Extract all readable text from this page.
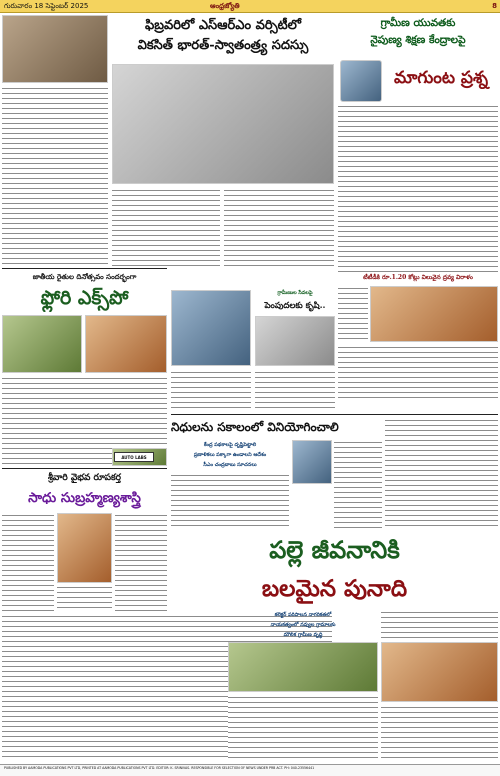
గురువారం 18 సెప్టెంబర్ 2025	ఆంధ్రజ్యోతి	8
ఫిబ్రవరిలో ఎస్ఆర్ఎం వర్సిటీలో
వికసిత్ భారత్-స్వాతంత్ర్య సదస్సు
గ్రామీణ యువతకు
నైపుణ్య శిక్షణ కేంద్రాలపై
మాగుంట ప్రశ్న
టీటీడీకి రూ.1.20 కోట్లు విలువైన ద్రవ్య విరాళం
జాతీయ రైతుల దినోత్సవం సందర్భంగా
ఫ్లోరి ఎక్స్‌పో
AUTO LABS
గ్రామీణుల సేవలపై
పెంపుదలకు కృషి..
నిధులను సకాలంలో వినియోగించాలి
కేంద్ర పథకాలపై దృష్టిపెట్టాలి
ప్రణాళికలు పక్కాగా ఉండాలని ఆదేశం
సీఎం చంద్రబాబు సూచనలు
శ్రీవారి వైభవ రూపకర్త
సాధు సుబ్రహ్మణ్యశాస్త్రి
పల్లె జీవనానికి
బలమైన పునాది
కలెక్టర్ పరిపాలన నాగరికతలో
నాయకత్వంలో నవ్వుల గ్రామాలకు
మౌలిక గ్రామీణ వృద్ధి
PUBLISHED BY AAMODA PUBLICATIONS PVT LTD, PRINTED AT AAMODA PUBLICATIONS PVT LTD. EDITOR: K. SRINIVAS. RESPONSIBLE FOR SELECTION OF NEWS UNDER PRB ACT. PH: 040-23556441
